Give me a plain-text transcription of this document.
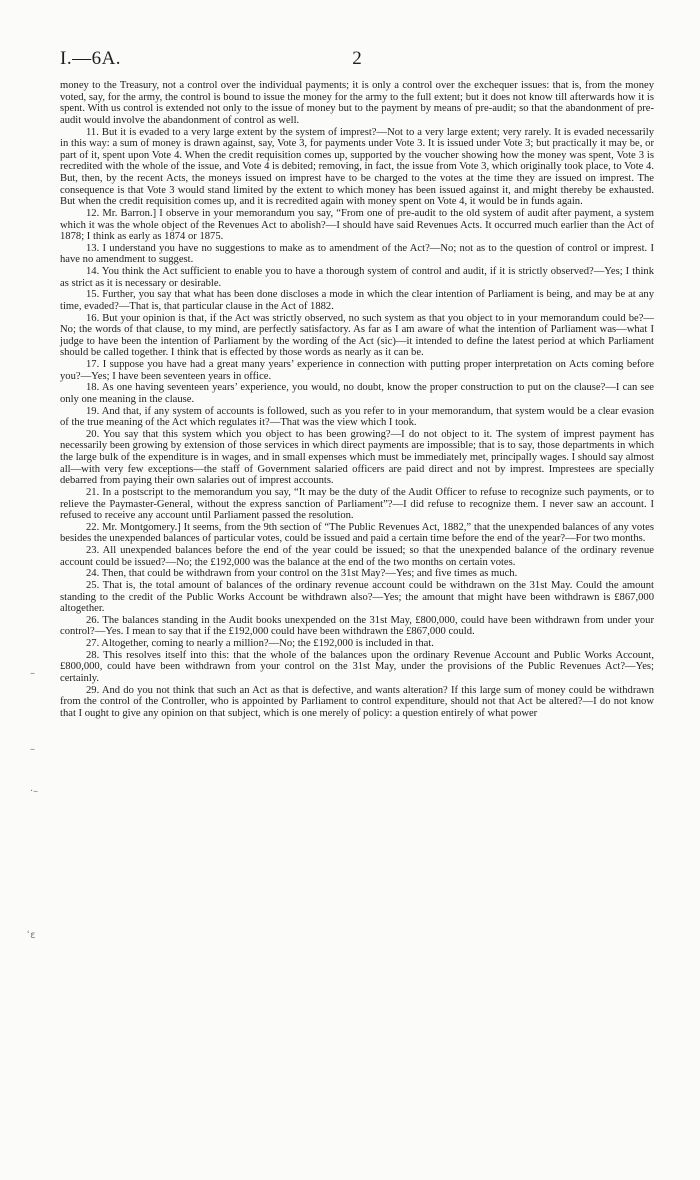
I.—6A.	2

money to the Treasury, not a control over the individual payments; it is only a control over the exchequer issues: that is, from the money voted, say, for the army, the control is bound to issue the money for the army to the full extent; but it does not know till afterwards how it is spent. With us control is extended not only to the issue of money but to the payment by means of pre-audit; so that the abandonment of pre-audit would involve the abandonment of control as well.

11. But it is evaded to a very large extent by the system of imprest?—Not to a very large extent; very rarely. It is evaded necessarily in this way: a sum of money is drawn against, say, Vote 3, for payments under Vote 3. It is issued under Vote 3; but practically it may be, or part of it, spent upon Vote 4. When the credit requisition comes up, supported by the voucher showing how the money was spent, Vote 3 is recredited with the whole of the issue, and Vote 4 is debited; removing, in fact, the issue from Vote 3, which originally took place, to Vote 4. But, then, by the recent Acts, the moneys issued on imprest have to be charged to the votes at the time they are issued on imprest. The consequence is that Vote 3 would stand limited by the extent to which money has been issued against it, and might thereby be exhausted. But when the credit requisition comes up, and it is recredited again with money spent on Vote 4, it would be in funds again.

12. Mr. Barron.] I observe in your memorandum you say, “From one of pre-audit to the old system of audit after payment, a system which it was the whole object of the Revenues Act to abolish?—I should have said Revenues Acts. It occurred much earlier than the Act of 1878; I think as early as 1874 or 1875.

13. I understand you have no suggestions to make as to amendment of the Act?—No; not as to the question of control or imprest. I have no amendment to suggest.

14. You think the Act sufficient to enable you to have a thorough system of control and audit, if it is strictly observed?—Yes; I think as strict as it is necessary or desirable.

15. Further, you say that what has been done discloses a mode in which the clear intention of Parliament is being, and may be at any time, evaded?—That is, that particular clause in the Act of 1882.

16. But your opinion is that, if the Act was strictly observed, no such system as that you object to in your memorandum could be?—No; the words of that clause, to my mind, are perfectly satisfactory. As far as I am aware of what the intention of Parliament was—what I judge to have been the intention of Parliament by the wording of the Act (sic)—it intended to define the latest period at which Parliament should be called together. I think that is effected by those words as nearly as it can be.

17. I suppose you have had a great many years’ experience in connection with putting proper interpretation on Acts coming before you?—Yes; I have been seventeen years in office.

18. As one having seventeen years’ experience, you would, no doubt, know the proper construction to put on the clause?—I can see only one meaning in the clause.

19. And that, if any system of accounts is followed, such as you refer to in your memorandum, that system would be a clear evasion of the true meaning of the Act which regulates it?—That was the view which I took.

20. You say that this system which you object to has been growing?—I do not object to it. The system of imprest payment has necessarily been growing by extension of those services in which direct payments are impossible; that is to say, those departments in which the large bulk of the expenditure is in wages, and in small expenses which must be immediately met, principally wages. I should say almost all—with very few exceptions—the staff of Government salaried officers are paid direct and not by imprest. Imprestees are specially debarred from paying their own salaries out of imprest accounts.

21. In a postscript to the memorandum you say, “It may be the duty of the Audit Officer to refuse to recognize such payments, or to relieve the Paymaster-General, without the express sanction of Parliament”?—I did refuse to recognize them. I never saw an account. I refused to receive any account until Parliament passed the resolution.

22. Mr. Montgomery.] It seems, from the 9th section of “The Public Revenues Act, 1882,” that the unexpended balances of any votes besides the unexpended balances of particular votes, could be issued and paid a certain time before the end of the year?—For two months.

23. All unexpended balances before the end of the year could be issued; so that the unexpended balance of the ordinary revenue account could be issued?—No; the £192,000 was the balance at the end of the two months on certain votes.

24. Then, that could be withdrawn from your control on the 31st May?—Yes; and five times as much.

25. That is, the total amount of balances of the ordinary revenue account could be withdrawn on the 31st May. Could the amount standing to the credit of the Public Works Account be withdrawn also?—Yes; the amount that might have been withdrawn is £867,000 altogether.

26. The balances standing in the Audit books unexpended on the 31st May, £800,000, could have been withdrawn from under your control?—Yes. I mean to say that if the £192,000 could have been withdrawn the £867,000 could.

27. Altogether, coming to nearly a million?—No; the £192,000 is included in that.

28. This resolves itself into this: that the whole of the balances upon the ordinary Revenue Account and Public Works Account, £800,000, could have been withdrawn from your control on the 31st May, under the provisions of the Public Revenues Act?—Yes; certainly.

29. And do you not think that such an Act as that is defective, and wants alteration? If this large sum of money could be withdrawn from the control of the Controller, who is appointed by Parliament to control expenditure, should not that Act be altered?—I do not know that I ought to give any opinion on that subject, which is one merely of policy: a question entirely of what power

–
–
·–
ʿɛ
